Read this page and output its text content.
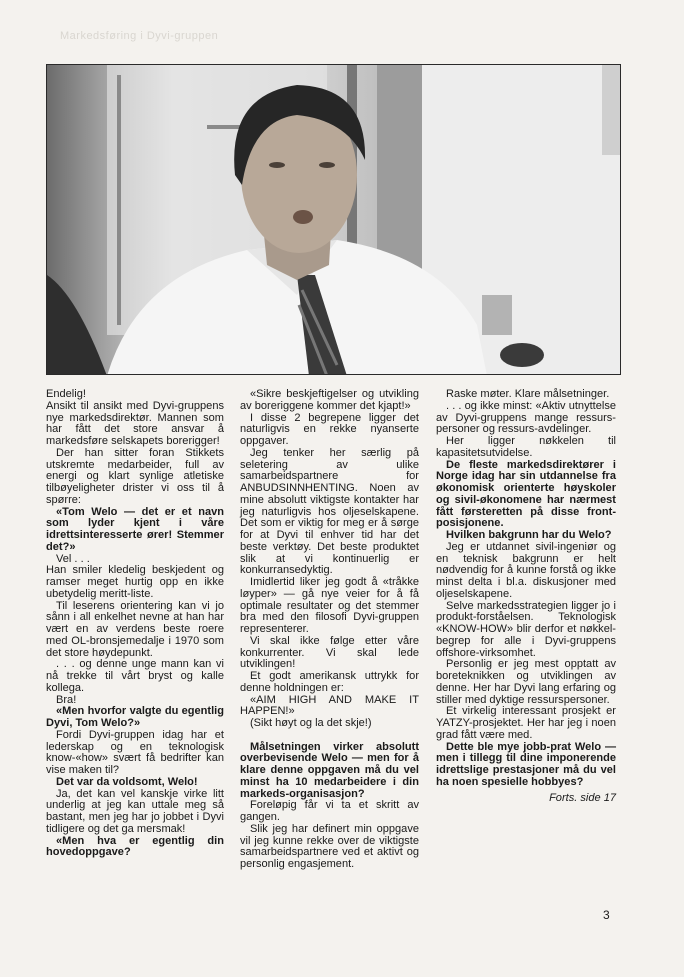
Markedsføring i Dyvi-gruppen

Endelig!

Ansikt til ansikt med Dyvi-gruppens nye markedsdirektør. Mannen som har fått det store ansvar å markedsføre selskapets borerigger!

Der han sitter foran Stikkets utskremte medarbeider, full av energi og klart synlige atletiske tilbøyeligheter drister vi oss til å spørre:

«Tom Welo — det er et navn som lyder kjent i våre idrettsinteresserte ører! Stemmer det?»

Vel . . .

Han smiler kledelig beskjedent og ramser meget hurtig opp en ikke ubetydelig meritt-liste.

Til leserens orientering kan vi jo sånn i all enkelhet nevne at han har vært en av verdens beste roere med OL-bronsjemedalje i 1970 som det store høydepunkt.

. . . og denne unge mann kan vi nå trekke til vårt bryst og kalle kollega.

Bra!

«Men hvorfor valgte du egentlig Dyvi, Tom Welo?»

Fordi Dyvi-gruppen idag har et lederskap og en teknologisk know-«how» svært få bedrifter kan vise maken til?

Det var da voldsomt, Welo!

Ja, det kan vel kanskje virke litt underlig at jeg kan uttale meg så bastant, men jeg har jo jobbet i Dyvi tidligere og det ga mersmak!

«Men hva er egentlig din hovedoppgave?

«Sikre beskjeftigelser og utvikling av boreriggene kommer det kjapt!»

I disse 2 begrepene ligger det naturligvis en rekke nyanserte oppgaver.

Jeg tenker her særlig på seletering av ulike samarbeidspartnere for ANBUDSINNHENTING. Noen av mine absolutt viktigste kontakter har jeg naturligvis hos oljeselskapene. Det som er viktig for meg er å sørge for at Dyvi til enhver tid har det beste verktøy. Det beste produktet slik at vi kontinuerlig er konkurransedyktig.

Imidlertid liker jeg godt å «tråkke løyper» — gå nye veier for å få optimale resultater og det stemmer bra med den filosofi Dyvi-gruppen representerer.

Vi skal ikke følge etter våre konkurrenter. Vi skal lede utviklingen!

Et godt amerikansk uttrykk for denne holdningen er:

«AIM HIGH AND MAKE IT HAPPEN!»

(Sikt høyt og la det skje!)

Målsetningen virker absolutt overbevisende Welo — men for å klare denne oppgaven må du vel minst ha 10 medarbeidere i din markeds-organisasjon?

Foreløpig får vi ta et skritt av gangen.

Slik jeg har definert min oppgave vil jeg kunne rekke over de viktigste samarbeidspartnere ved et aktivt og personlig engasjement.

Raske møter. Klare målsetninger.

. . . og ikke minst: «Aktiv utnyttelse av Dyvi-gruppens mange ressurs-personer og ressurs-avdelinger.

Her ligger nøkkelen til kapasitetsutvidelse.

De fleste markedsdirektører i Norge idag har sin utdannelse fra økonomisk orienterte høyskoler og sivil-økonomene har nærmest fått førsteretten på disse front-posisjonene.

Hvilken bakgrunn har du Welo?

Jeg er utdannet sivil-ingeniør og en teknisk bakgrunn er helt nødvendig for å kunne forstå og ikke minst delta i bl.a. diskusjoner med oljeselskapene.

Selve markedsstrategien ligger jo i produkt-forståelsen. Teknologisk «KNOW-HOW» blir derfor et nøkkel-begrep for alle i Dyvi-gruppens offshore-virksomhet.

Personlig er jeg mest opptatt av boreteknikken og utviklingen av denne. Her har Dyvi lang erfaring og stiller med dyktige ressurspersoner.

Et virkelig interessant prosjekt er YATZY-prosjektet. Her har jeg i noen grad fått være med.

Dette ble mye jobb-prat Welo — men i tillegg til dine imponerende idrettslige prestasjoner må du vel ha noen spesielle hobbyes?

Forts. side 17

3
